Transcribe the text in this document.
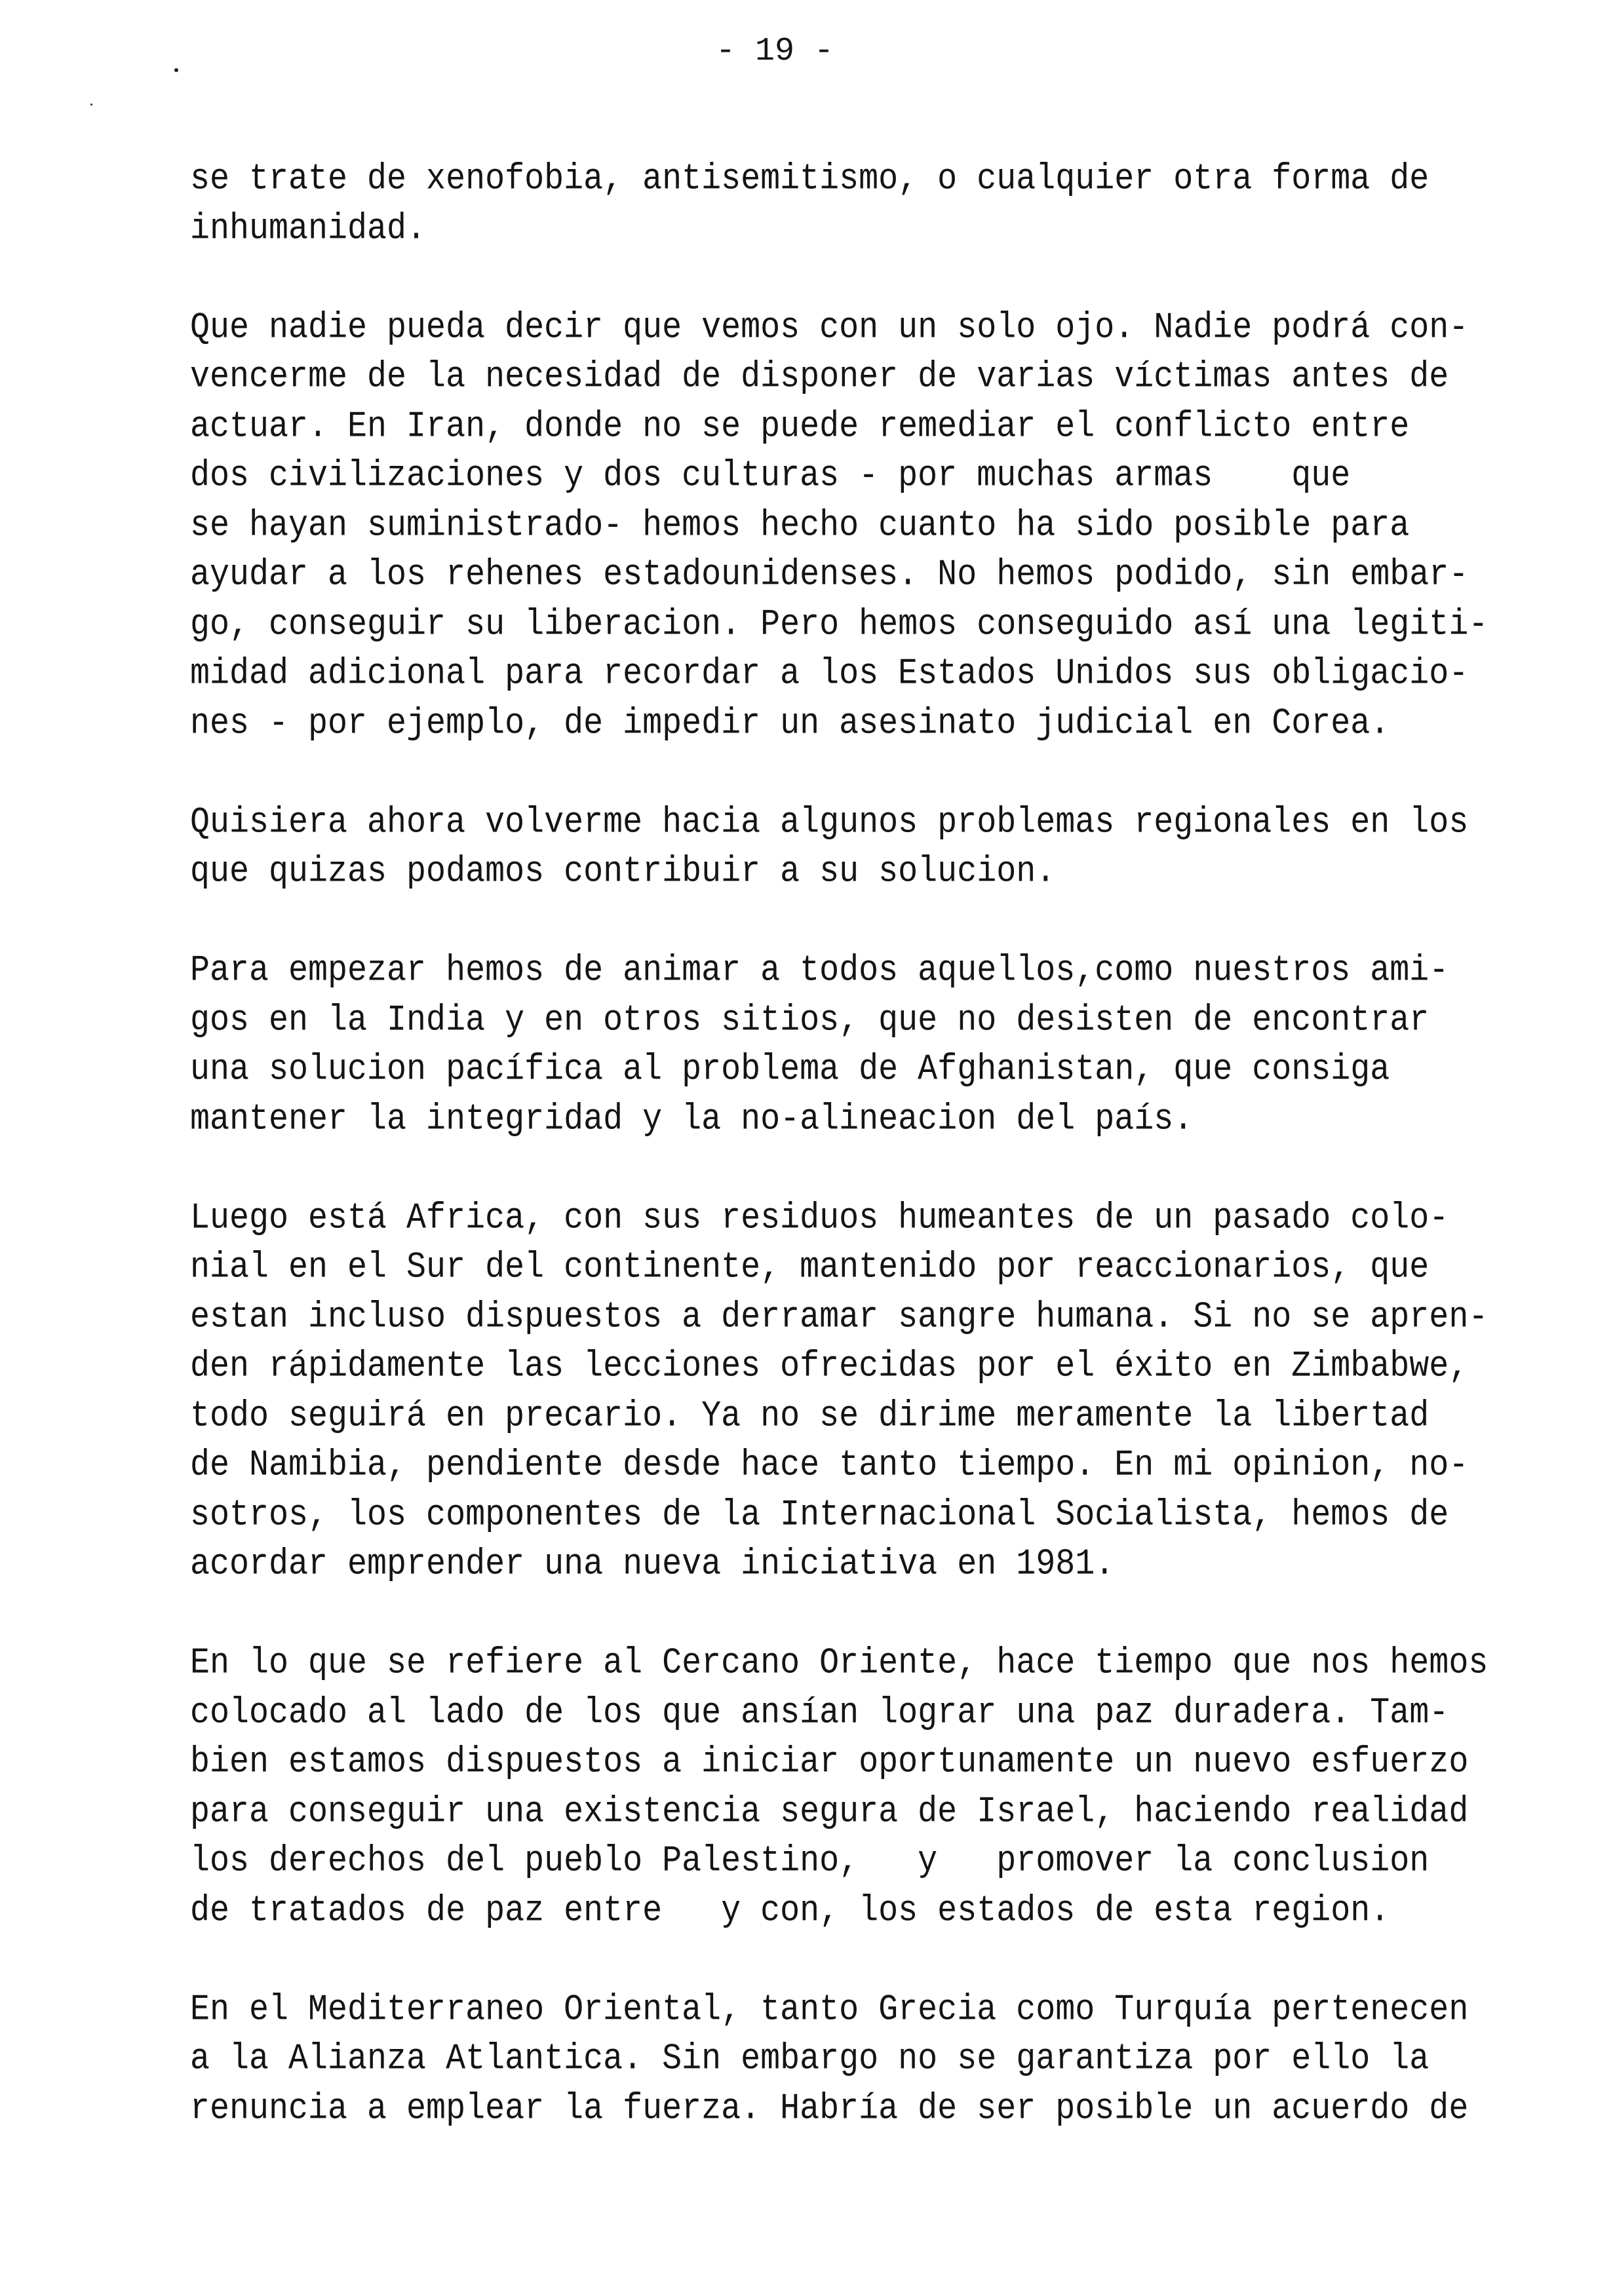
- 19 -
se trate de xenofobia, antisemitismo, o cualquier otra forma de
inhumanidad.
Que nadie pueda decir que vemos con un solo ojo. Nadie podrá con-
vencerme de la necesidad de disponer de varias víctimas antes de
actuar. En Iran, donde no se puede remediar el conflicto entre
dos civilizaciones y dos culturas - por muchas armas    que
se hayan suministrado- hemos hecho cuanto ha sido posible para
ayudar a los rehenes estadounidenses. No hemos podido, sin embar-
go, conseguir su liberacion. Pero hemos conseguido así una legiti-
midad adicional para recordar a los Estados Unidos sus obligacio-
nes - por ejemplo, de impedir un asesinato judicial en Corea.
Quisiera ahora volverme hacia algunos problemas regionales en los
que quizas podamos contribuir a su solucion.
Para empezar hemos de animar a todos aquellos,como nuestros ami-
gos en la India y en otros sitios, que no desisten de encontrar
una solucion pacífica al problema de Afghanistan, que consiga
mantener la integridad y la no-alineacion del país.
Luego está Africa, con sus residuos humeantes de un pasado colo-
nial en el Sur del continente, mantenido por reaccionarios, que
estan incluso dispuestos a derramar sangre humana. Si no se apren-
den rápidamente las lecciones ofrecidas por el éxito en Zimbabwe,
todo seguirá en precario. Ya no se dirime meramente la libertad
de Namibia, pendiente desde hace tanto tiempo. En mi opinion, no-
sotros, los componentes de la Internacional Socialista, hemos de
acordar emprender una nueva iniciativa en 1981.
En lo que se refiere al Cercano Oriente, hace tiempo que nos hemos
colocado al lado de los que ansían lograr una paz duradera. Tam-
bien estamos dispuestos a iniciar oportunamente un nuevo esfuerzo
para conseguir una existencia segura de Israel, haciendo realidad
los derechos del pueblo Palestino,   y   promover la conclusion
de tratados de paz entre   y con, los estados de esta region.
En el Mediterraneo Oriental, tanto Grecia como Turquía pertenecen
a la Alianza Atlantica. Sin embargo no se garantiza por ello la
renuncia a emplear la fuerza. Habría de ser posible un acuerdo de
